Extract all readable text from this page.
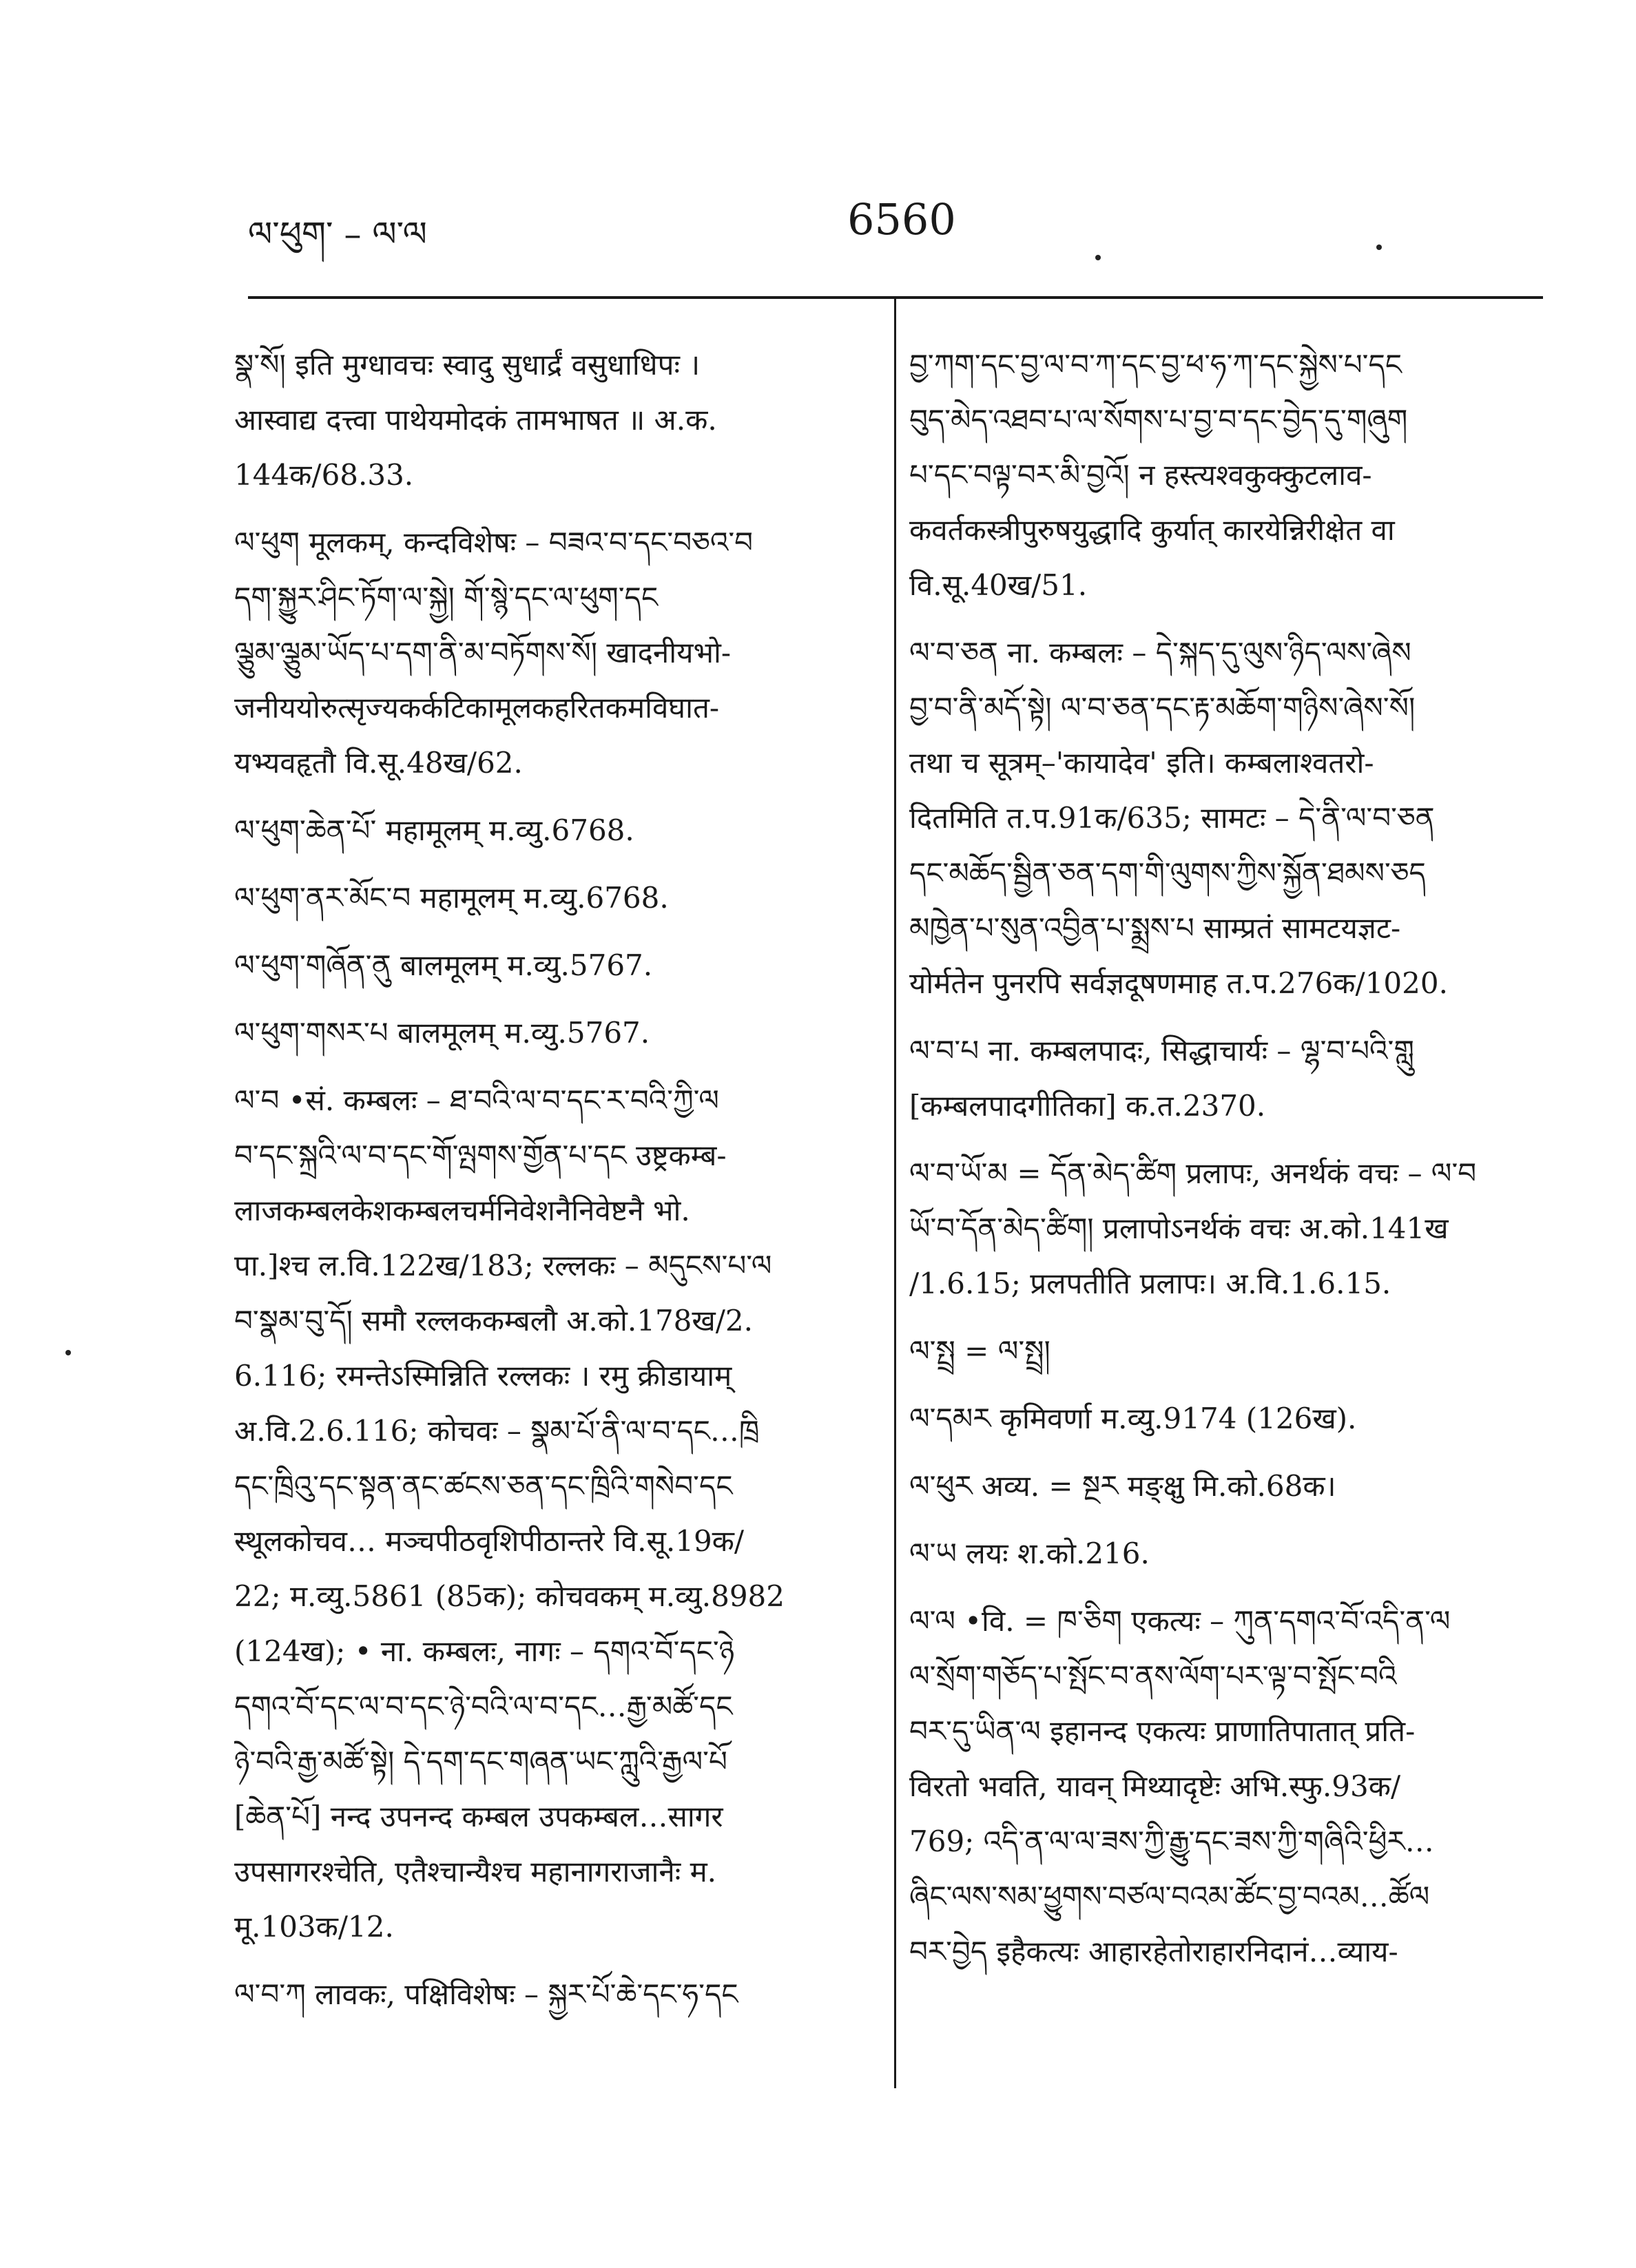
ལ་ཕུག་ – ལ་ལ	6560
སྣ་སོ། इति मुग्धावचः स्वादु सुधार्द्रं वसुधाधिपः ।
आस्वाद्य दत्त्वा पाथेयमोदकं तामभाषत ॥ अ.क.
144क/68.33.
ལ་ཕུག मूलकम्, कन्दविशेषः – བཟའ་བ་དང་བཅའ་བ
དག་སྐྱུར་ཤིང་ཏོག་ལ་སྐྱེ། གོ་སྙེ་དང་ལ་ཕུག་དང
ལྕུམ་ལྕུམ་ཡོད་པ་དག་ནི་མ་བཏོགས་སོ། खादनीयभो-
जनीययोरुत्सृज्यकर्कटिकामूलकहरितकमविघात-
यभ्यवहृतौ वि.सू.48ख/62.
ལ་ཕུག་ཆེན་པོ་ महामूलम् म.व्यु.6768.
ལ་ཕུག་ནར་མོང་བ महामूलम् म.व्यु.6768.
ལ་ཕུག་གཞོན་ནུ बालमूलम् म.व्यु.5767.
ལ་ཕུག་གསར་པ बालमूलम् म.व्यु.5767.
ལ་བ •सं. कम्बलः – ཐ་བའི་ལ་བ་དང་ར་བའི་ཀྱི་ལ
བ་དང་སྐྲའི་ལ་བ་དང་གོ་ལྤགས་གྱོན་པ་དང उष्ट्रकम्ब-
लाजकम्बलकेशकम्बलचर्मनिवेशनैनिवेष्टनै भो.
पा.]श्च ल.वि.122ख/183; रल्लकः – མདུངས་པ་ལ
བ་སྣམ་བུ་དོ། समौ रल्लककम्बलौ अ.को.178ख/2.
6.116; रमन्तेऽस्मिन्निति रल्लकः । रमु क्रीडायाम्
अ.वि.2.6.116; कोचवः – སྣམ་པོ་ནི་ལ་བ་དང…ཁྲི
དང་ཁྲིའུ་དང་སྟན་ནང་ཚངས་ཅན་དང་ཁྲིའི་གསེབ་དང
स्थूलकोचव… मञ्चपीठवृशिपीठान्तरे वि.सू.19क/
22; म.व्यु.5861 (85क); कोचवकम् म.व्यु.8982
(124ख); • ना. कम्बलः, नागः – དགའ་བོ་དང་ཉེ
དགའ་བོ་དང་ལ་བ་དང་ཉེ་བའི་ལ་བ་དང…རྒྱ་མཚོ་དང
ཉེ་བའི་རྒྱ་མཚོ་སྟེ། དེ་དག་དང་གཞན་ཡང་ཀླུའི་རྒྱལ་པོ
[ཆེན་པོ] नन्द उपनन्द कम्बल उपकम्बल…सागर
उपसागरश्चेति, एतैश्चान्यैश्च महानागराजानैः म.
मू.103क/12.
ལ་བ་ཀ लावकः, पक्षिविशेषः – སྐྱར་པོ་ཆེ་དང་ཧ་དང
བྱ་ཀག་དང་བྱ་ལ་བ་ཀ་དང་བྱ་ཕ་ཧ་ཀ་དང་སྐྱེས་པ་དང
བུད་མེད་འཐབ་པ་ལ་སོགས་པ་བྱ་བ་དང་བྱེད་དུ་གཞུག
པ་དང་བལྟ་བར་མི་བྱའོ། न हस्त्यश्वकुक्कुटलाव-
कवर्तकस्त्रीपुरुषयुद्धादि कुर्यात् कारयेन्निरीक्षेत वा
वि.सू.40ख/51.
ལ་བ་ཅན ना. कम्बलः – དེ་སྐད་དུ་ལུས་ཉིད་ལས་ཞེས
བྱ་བ་ནི་མདོ་སྟེ། ལ་བ་ཅན་དང་རྟ་མཆོག་གཉིས་ཞེས་སོ།
तथा च सूत्रम्–'कायादेव' इति। कम्बलाश्वतरो-
दितमिति त.प.91क/635; सामटः – དེ་ནི་ལ་བ་ཅན
དང་མཆོད་སྦྱིན་ཅན་དག་གི་ལུགས་ཀྱིས་སྐྱོན་ཐམས་ཅད
མཁྱེན་པ་སུན་འབྱིན་པ་སྨྲས་པ साम्प्रतं सामटयज्ञट-
योर्मतेन पुनरपि सर्वज्ञदूषणमाह त.प.276क/1020.
ལ་བ་པ ना. कम्बलपादः, सिद्धाचार्यः – ལྷ་བ་པའི་གླུ
[कम्बलपादगीतिका] क.त.2370.
ལ་བ་ཡོ་མ = དོན་མེད་ཚིག प्रलापः, अनर्थकं वचः – ལ་བ
ཡོ་བ་དོན་མེད་ཚིག། प्रलापोऽनर्थकं वचः अ.को.141ख
/1.6.15; प्रलपतीति प्रलापः। अ.वि.1.6.15.
ལ་སྤྲ = ལ་སྤྲ།
ལ་དམར कृमिवर्णा म.व्यु.9174 (126ख).
ལ་ཕུར अव्य. = སྔར मङ्क्षु मि.को.68क।
ལ་ཡ लयः श.को.216.
ལ་ལ •वि. = ཁ་ཅིག एकत्यः – ཀུན་དགའ་བོ་འདི་ན་ལ
ལ་སྲོག་གཅོད་པ་སྤོང་བ་ནས་ལོག་པར་ལྟ་བ་སྤོང་བའི
བར་དུ་ཡིན་ལ इहानन्द एकत्यः प्राणातिपातात् प्रति-
विरतो भवति, यावन् मिथ्यादृष्टेः अभि.स्फु.93क/
769; འདི་ན་ལ་ལ་ཟས་ཀྱི་རྒྱུ་དང་ཟས་ཀྱི་གཞིའི་ཕྱིར…
ཞིང་ལས་སམ་ཕྱུགས་བཙལ་བའམ་ཚོང་བྱ་བའམ…ཚོལ
བར་བྱེད इहैकत्यः आहारहेतोराहारनिदानं…व्याय-
